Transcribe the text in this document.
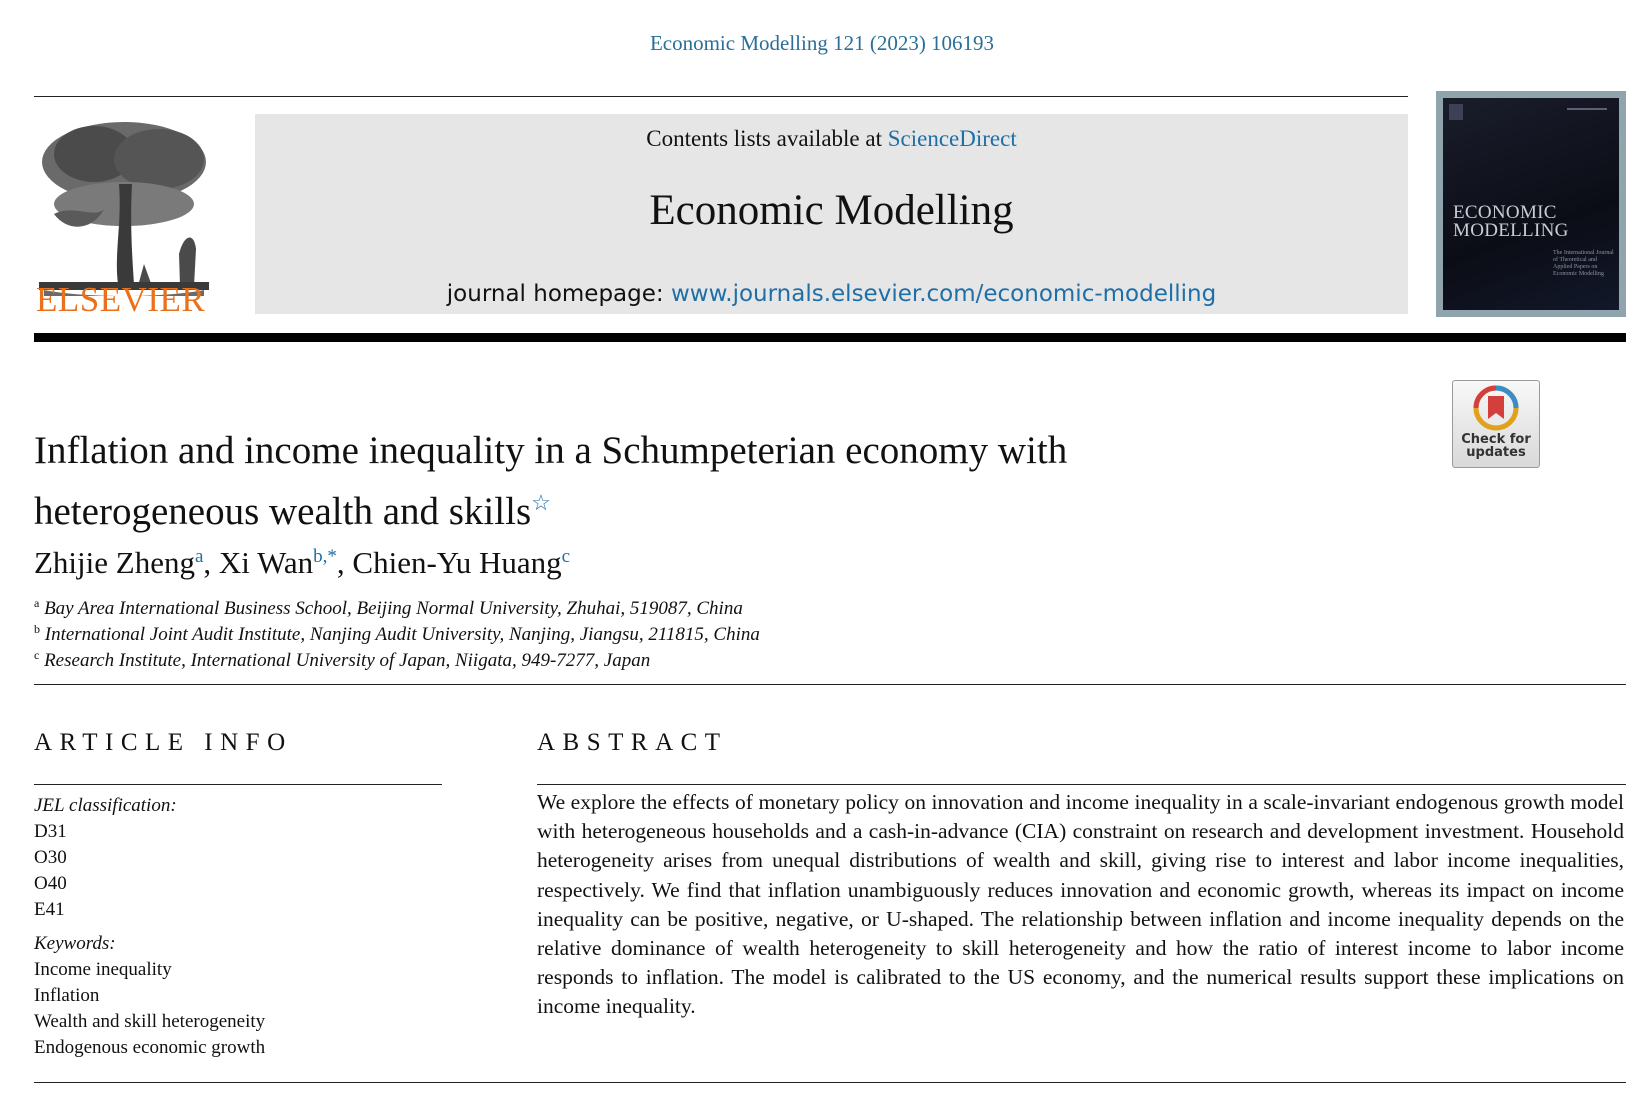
Economic Modelling 121 (2023) 106193
ELSEVIER
Contents lists available at ScienceDirect
Economic Modelling
journal homepage: www.journals.elsevier.com/economic-modelling
ECONOMIC
MODELLING
The International Journal of Theoretical and Applied Papers on Economic Modelling
Check for
updates
Inflation and income inequality in a Schumpeterian economy with
heterogeneous wealth and skills☆
Zhijie Zheng$^a$, Xi Wan$^{b,*}$, Chien-Yu Huang$^c$
$^a$ Bay Area International Business School, Beijing Normal University, Zhuhai, 519087, China
$^b$ International Joint Audit Institute, Nanjing Audit University, Nanjing, Jiangsu, 211815, China
$^c$ Research Institute, International University of Japan, Niigata, 949-7277, Japan
ARTICLE INFO
JEL classification:
D31
O30
O40
E41
Keywords:
Income inequality
Inflation
Wealth and skill heterogeneity
Endogenous economic growth
ABSTRACT
We explore the effects of monetary policy on innovation and income inequality in a scale-invariant endogenous growth model with heterogeneous households and a cash-in-advance (CIA) constraint on research and development investment. Household heterogeneity arises from unequal distributions of wealth and skill, giving rise to interest and labor income inequalities, respectively. We find that inflation unambiguously reduces innovation and economic growth, whereas its impact on income inequality can be positive, negative, or U-shaped. The relationship between inflation and income inequality depends on the relative dominance of wealth heterogeneity to skill heterogeneity and how the ratio of interest income to labor income responds to inflation. The model is calibrated to the US economy, and the numerical results support these implications on income inequality.
